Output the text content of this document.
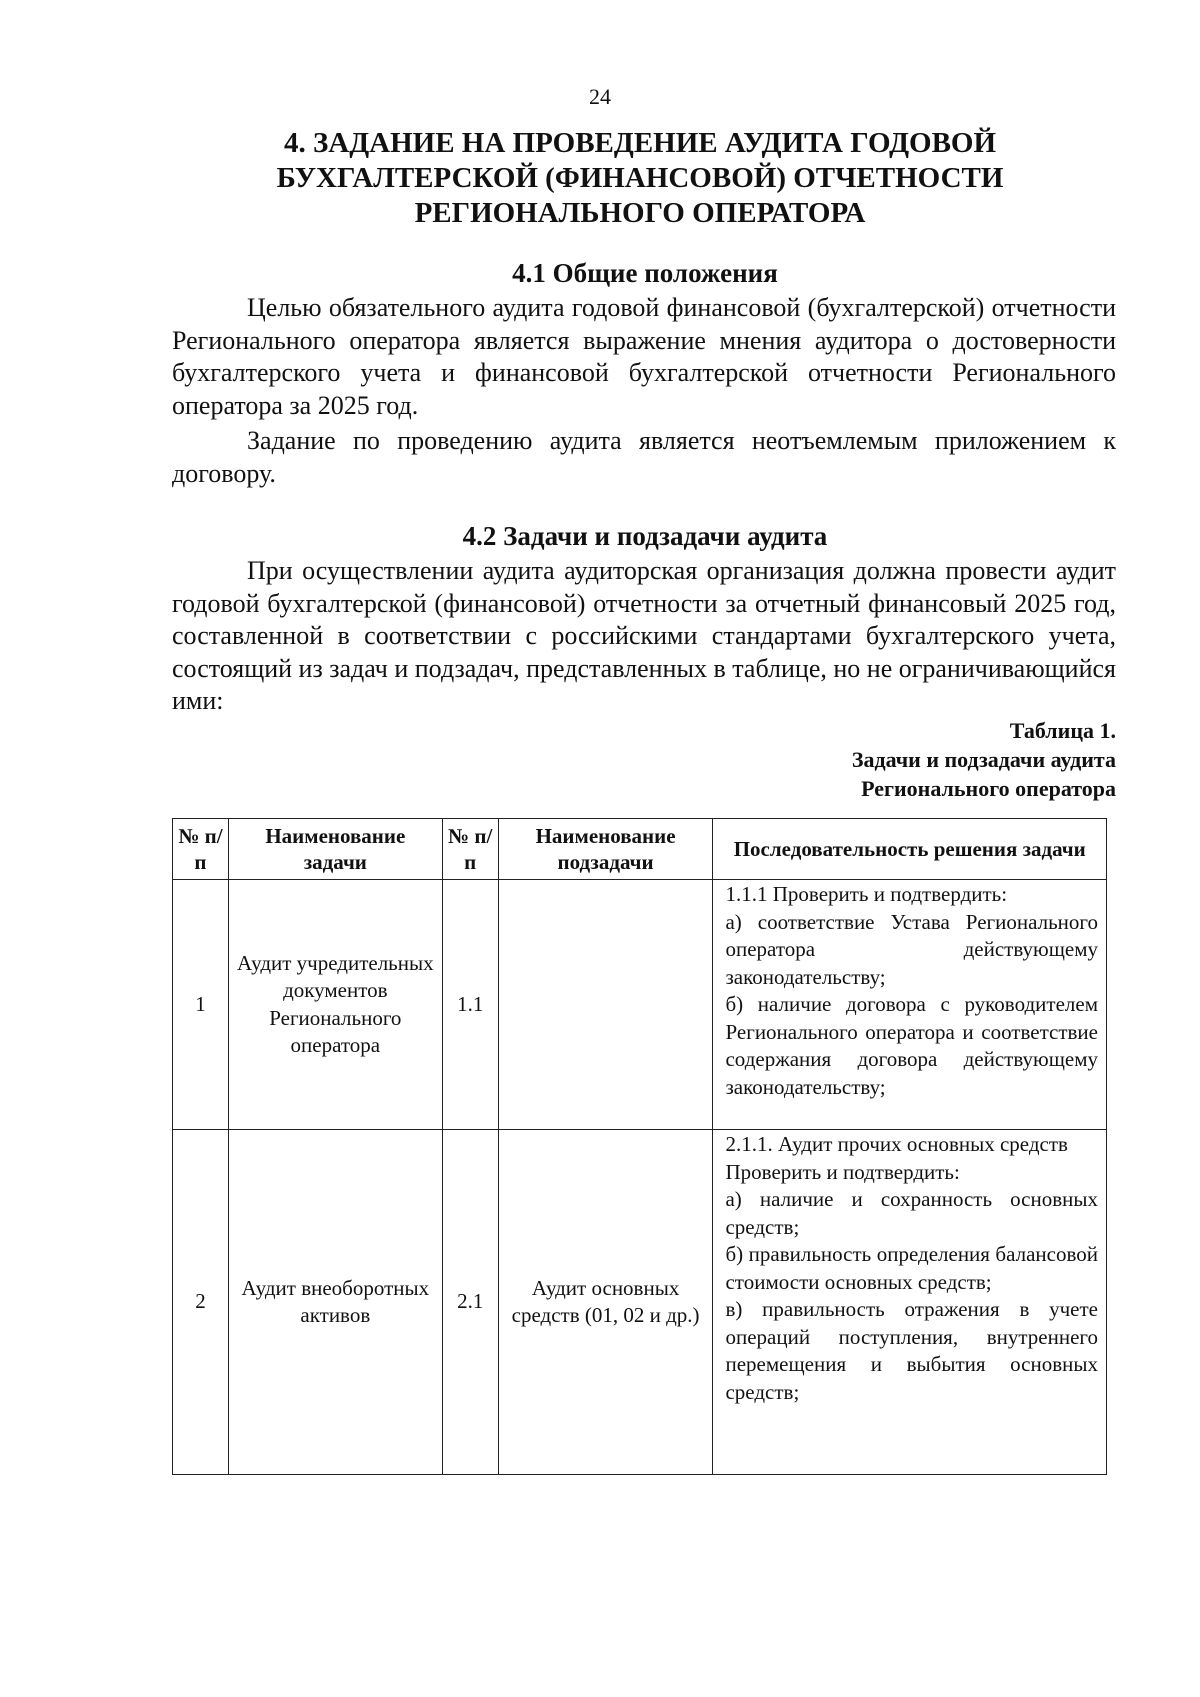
24
4. ЗАДАНИЕ НА ПРОВЕДЕНИЕ АУДИТА ГОДОВОЙ
БУХГАЛТЕРСКОЙ (ФИНАНСОВОЙ) ОТЧЕТНОСТИ
РЕГИОНАЛЬНОГО ОПЕРАТОРА
4.1 Общие положения
Целью обязательного аудита годовой финансовой (бухгалтерской) отчетности Регионального оператора является выражение мнения аудитора о достоверности бухгалтерского учета и финансовой бухгалтерской отчетности Регионального оператора за 2025 год.
Задание по проведению аудита является неотъемлемым приложением к договору.
4.2 Задачи и подзадачи аудита
При осуществлении аудита аудиторская организация должна провести аудит годовой бухгалтерской (финансовой) отчетности за отчетный финансовый 2025 год, составленной в соответствии с российскими стандартами бухгалтерского учета, состоящий из задач и подзадач, представленных в таблице, но не ограничивающийся ими:
Таблица 1.
Задачи и подзадачи аудита
Регионального оператора
№ п/п	Наименование задачи	№ п/п	Наименование подзадачи	Последовательность решения задачи
1	Аудит учредительных документов Регионального оператора	1.1		1.1.1 Проверить и подтвердить:
а) соответствие Устава Регионального оператора действующему законодательству;
б) наличие договора с руководителем Регионального оператора и соответствие содержания договора действующему законодательству;

2	Аудит внеоборотных активов	2.1	Аудит основных средств (01, 02 и др.)	2.1.1. Аудит прочих основных средств
Проверить и подтвердить:
а) наличие и сохранность основных средств;
б) правильность определения балансовой стоимости основных средств;
в) правильность отражения в учете операций поступления, внутреннего перемещения и выбытия основных средств;
